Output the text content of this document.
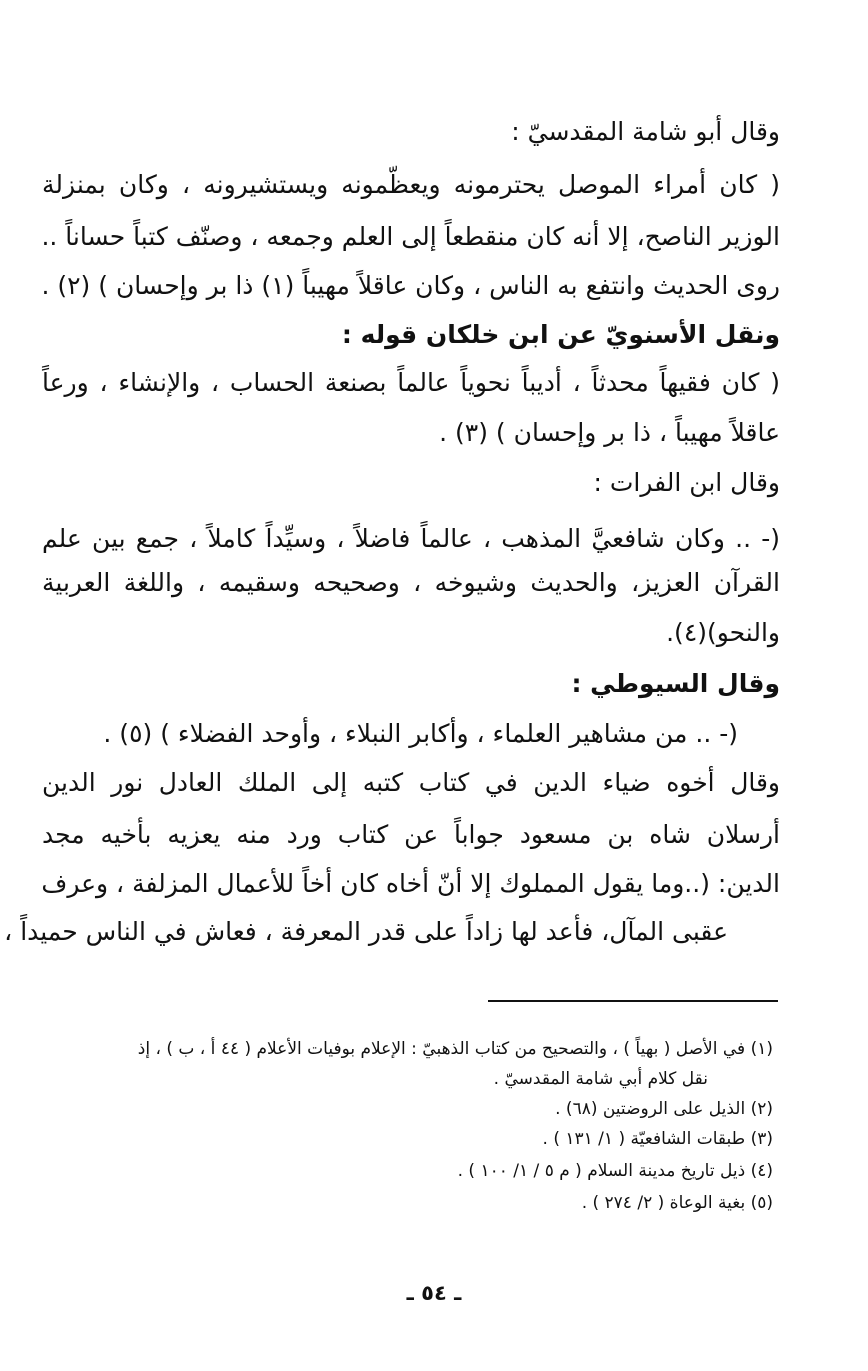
وقال أبو شامة المقدسيّ :
( كان أمراء الموصل يحترمونه ويعظّمونه ويستشيرونه ، وكان بمنزلة
الوزير الناصح، إلا أنه كان منقطعاً إلى العلم وجمعه ، وصنّف كتباً حساناً ..
روى الحديث وانتفع به الناس ، وكان عاقلاً مهيباً (١) ذا بر وإحسان ) (٢) .
ونقل الأسنويّ عن ابن خلكان قوله :
( كان فقيهاً محدثاً ، أديباً نحوياً عالماً بصنعة الحساب ، والإنشاء ، ورعاً
عاقلاً مهيباً ، ذا بر وإحسان ) (٣) .
وقال ابن الفرات :
(- .. وكان شافعيَّ المذهب ، عالماً فاضلاً ، وسيِّداً كاملاً ، جمع بين علم
القرآن العزيز، والحديث وشيوخه ، وصحيحه وسقيمه ، واللغة العربية
والنحو)(٤).
وقال السيوطي :
(- .. من مشاهير العلماء ، وأكابر النبلاء ، وأوحد الفضلاء ) (٥) .
وقال أخوه ضياء الدين في كتاب كتبه إلى الملك العادل نور الدين
أرسلان شاه بن مسعود جواباً عن كتاب ورد منه يعزيه بأخيه مجد
الدين: (..وما يقول المملوك إلا أنّ أخاه كان أخاً للأعمال المزلفة ، وعرف
عقبى المآل، فأعد لها زاداً على قدر المعرفة ، فعاش في الناس حميداً ،
(١) في الأصل ( بهياً ) ، والتصحيح من كتاب الذهبيّ : الإعلام بوفيات الأعلام ( ٤٤ أ ، ب ) ، إذ
نقل كلام أبي شامة المقدسيّ .
(٢) الذيل على الروضتين (٦٨) .
(٣) طبقات الشافعيّة ( ١/ ١٣١ ) .
(٤) ذيل تاريخ مدينة السلام ( م ٥ / ١/ ١٠٠ ) .
(٥) بغية الوعاة ( ٢/ ٢٧٤ ) .
ـ ٥٤ ـ
